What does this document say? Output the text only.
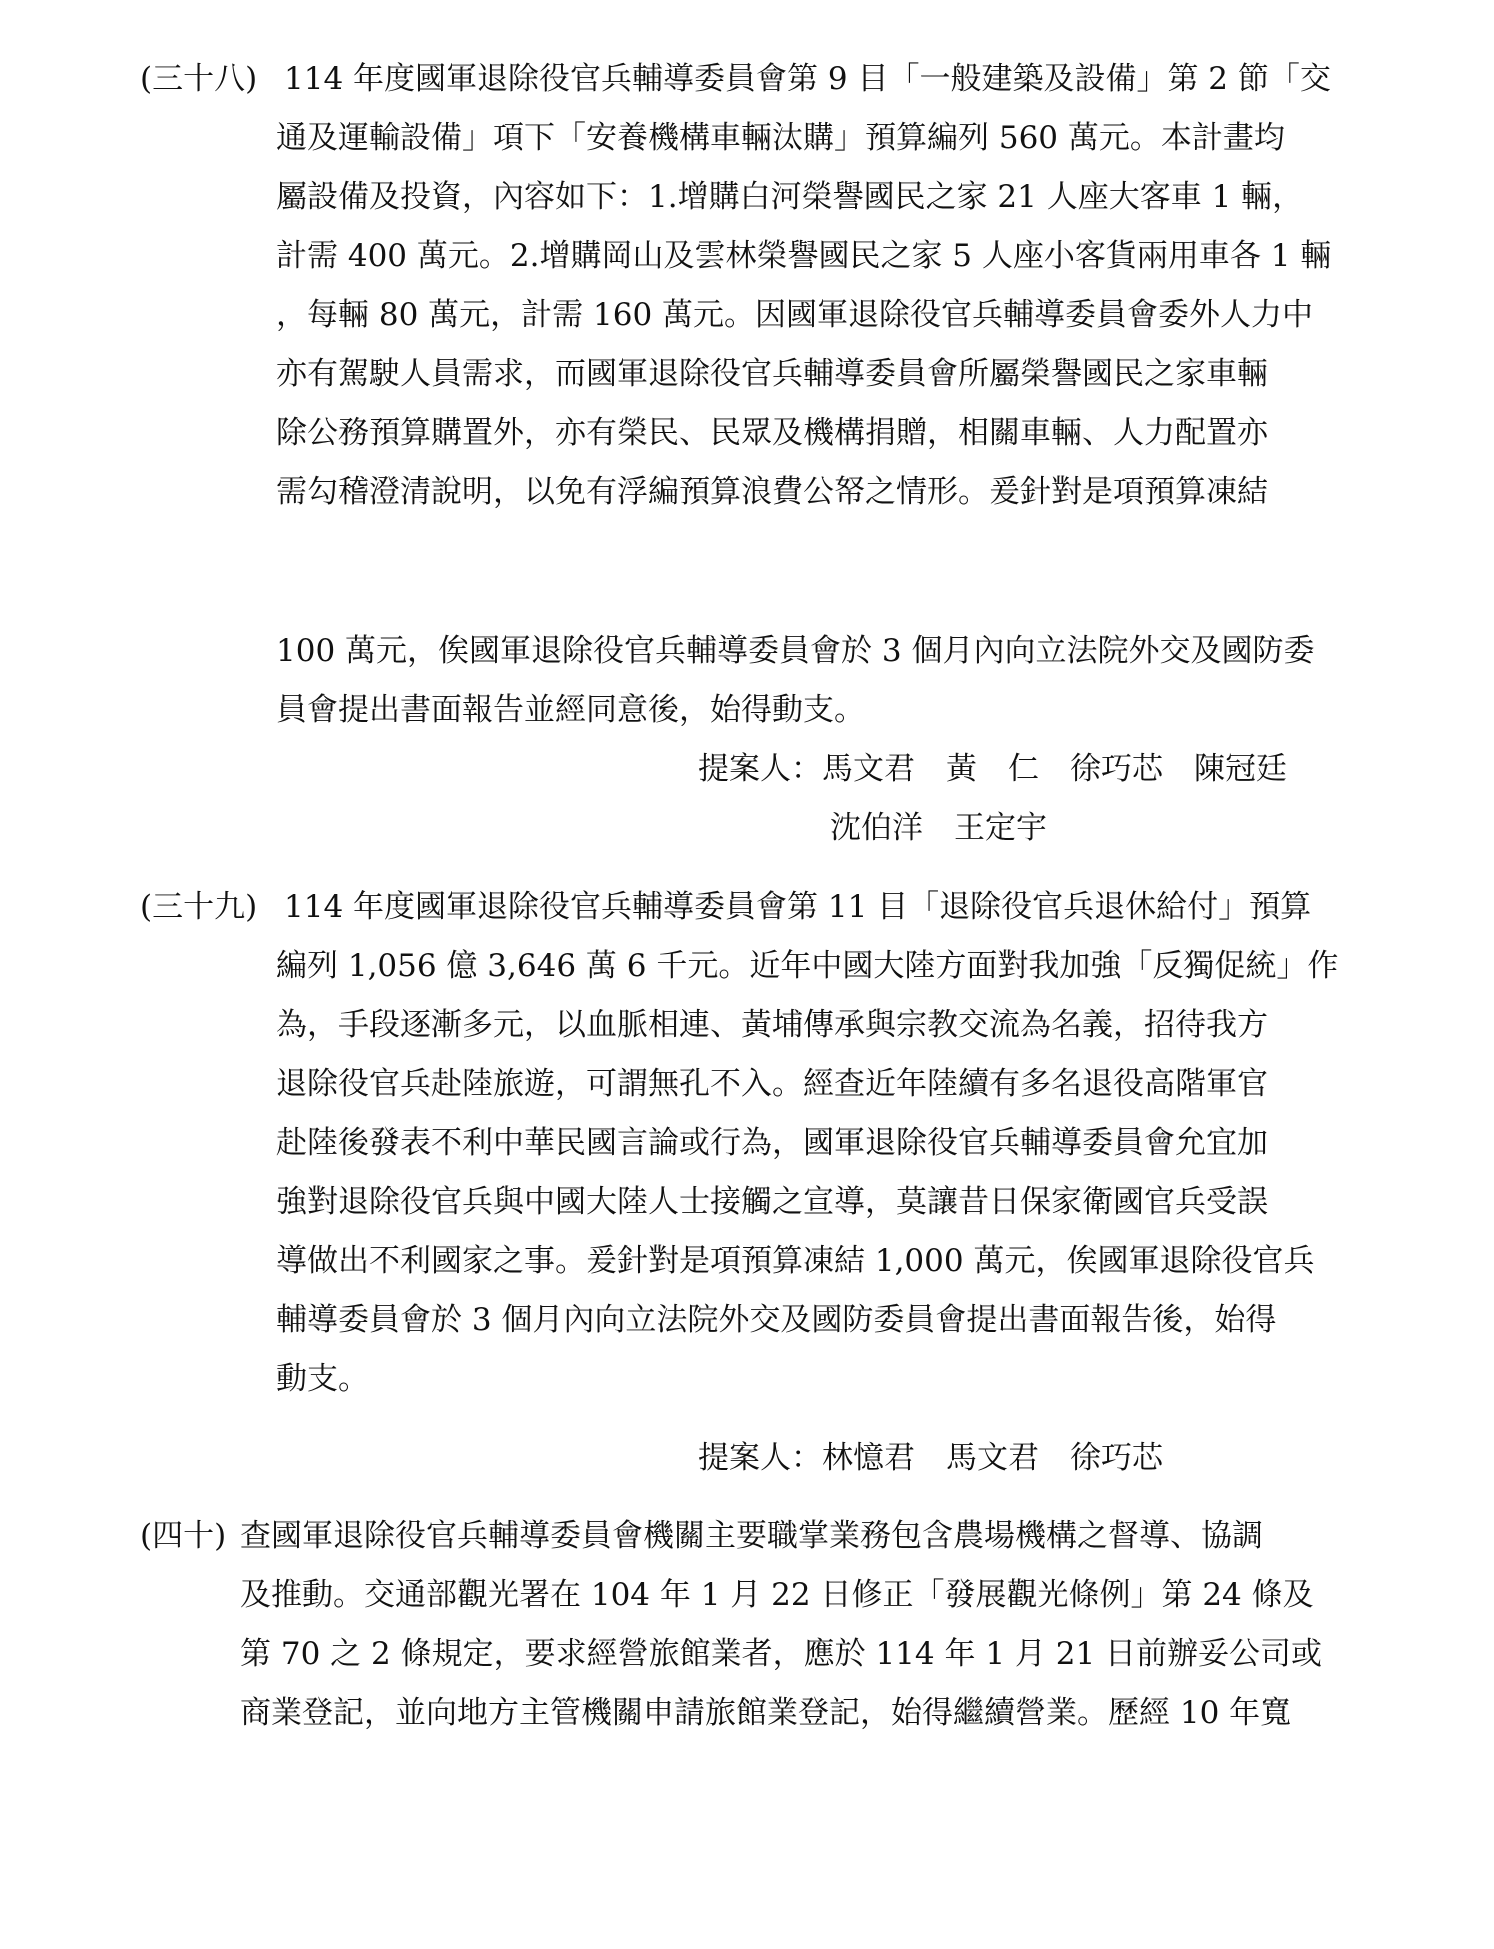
(三十八) 114 年度國軍退除役官兵輔導委員會第 9 目「一般建築及設備」第 2 節「交
通及運輸設備」項下「安養機構車輛汰購」預算編列 560 萬元。本計畫均
屬設備及投資，內容如下：1.增購白河榮譽國民之家 21 人座大客車 1 輛，
計需 400 萬元。2.增購岡山及雲林榮譽國民之家 5 人座小客貨兩用車各 1 輛
，每輛 80 萬元，計需 160 萬元。因國軍退除役官兵輔導委員會委外人力中
亦有駕駛人員需求，而國軍退除役官兵輔導委員會所屬榮譽國民之家車輛
除公務預算購置外，亦有榮民、民眾及機構捐贈，相關車輛、人力配置亦
需勾稽澄清說明，以免有浮編預算浪費公帑之情形。爰針對是項預算凍結
100 萬元，俟國軍退除役官兵輔導委員會於 3 個月內向立法院外交及國防委
員會提出書面報告並經同意後，始得動支。
提案人：馬文君　黃　仁　徐巧芯　陳冠廷
沈伯洋　王定宇
(三十九) 114 年度國軍退除役官兵輔導委員會第 11 目「退除役官兵退休給付」預算
編列 1,056 億 3,646 萬 6 千元。近年中國大陸方面對我加強「反獨促統」作
為，手段逐漸多元，以血脈相連、黃埔傳承與宗教交流為名義，招待我方
退除役官兵赴陸旅遊，可謂無孔不入。經查近年陸續有多名退役高階軍官
赴陸後發表不利中華民國言論或行為，國軍退除役官兵輔導委員會允宜加
強對退除役官兵與中國大陸人士接觸之宣導，莫讓昔日保家衛國官兵受誤
導做出不利國家之事。爰針對是項預算凍結 1,000 萬元，俟國軍退除役官兵
輔導委員會於 3 個月內向立法院外交及國防委員會提出書面報告後，始得
動支。
提案人：林憶君　馬文君　徐巧芯
(四十) 查國軍退除役官兵輔導委員會機關主要職掌業務包含農場機構之督導、協調
及推動。交通部觀光署在 104 年 1 月 22 日修正「發展觀光條例」第 24 條及
第 70 之 2 條規定，要求經營旅館業者，應於 114 年 1 月 21 日前辦妥公司或
商業登記，並向地方主管機關申請旅館業登記，始得繼續營業。歷經 10 年寬
